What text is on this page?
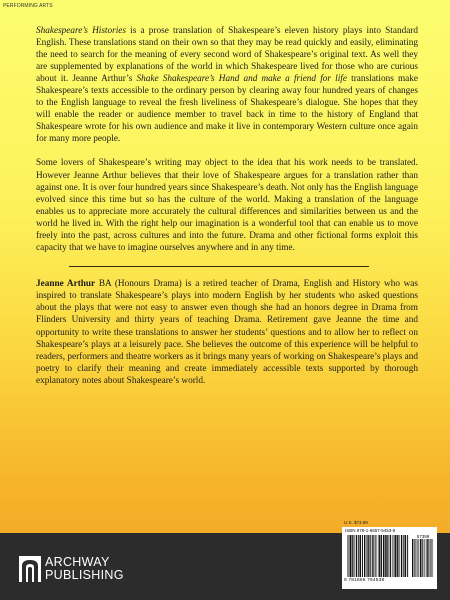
PERFORMING ARTS

Shakespeare’s Histories is a prose translation of Shakespeare’s eleven history plays into Standard English. These translations stand on their own so that they may be read quickly and easily, eliminating the need to search for the meaning of every second word of Shakespeare’s original text. As well they are supplemented by explanations of the world in which Shakespeare lived for those who are curious about it. Jeanne Arthur’s Shake Shakespeare’s Hand and make a friend for life translations make Shakespeare’s texts accessible to the ordinary person by clearing away four hundred years of changes to the English language to reveal the fresh liveliness of Shakespeare’s dialogue. She hopes that they will enable the reader or audience member to travel back in time to the history of England that Shakespeare wrote for his own audience and make it live in contemporary Western culture once again for many more people.

Some lovers of Shakespeare’s writing may object to the idea that his work needs to be translated. However Jeanne Arthur believes that their love of Shakespeare argues for a translation rather than against one. It is over four hundred years since Shakespeare’s death. Not only has the English language evolved since this time but so has the culture of the world. Making a translation of the language enables us to appreciate more accurately the cultural differences and similarities between us and the world he lived in. With the right help our imagination is a wonderful tool that can enable us to move freely into the past, across cultures and into the future. Drama and other fictional forms exploit this capacity that we have to imagine ourselves anywhere and in any time.

Jeanne Arthur BA (Honours Drama) is a retired teacher of Drama, English and History who was inspired to translate Shakespeare’s plays into modern English by her students who asked questions about the plays that were not easy to answer even though she had an honors degree in Drama from Flinders University and thirty years of teaching Drama. Retirement gave Jeanne the time and opportunity to write these translations to answer her students’ questions and to allow her to reflect on Shakespeare’s plays at a leisurely pace. She believes the outcome of this experience will be helpful to readers, performers and theatre workers as it brings many years of working on Shakespeare’s plays and poetry to clarify their meaning and create immediately accessible texts supported by thorough explanatory notes about Shakespeare’s world.

U.S. $73.99
ARCHWAY
PUBLISHING
ISBN 978-1-6657-5453-8
57399
9 781665 754538
